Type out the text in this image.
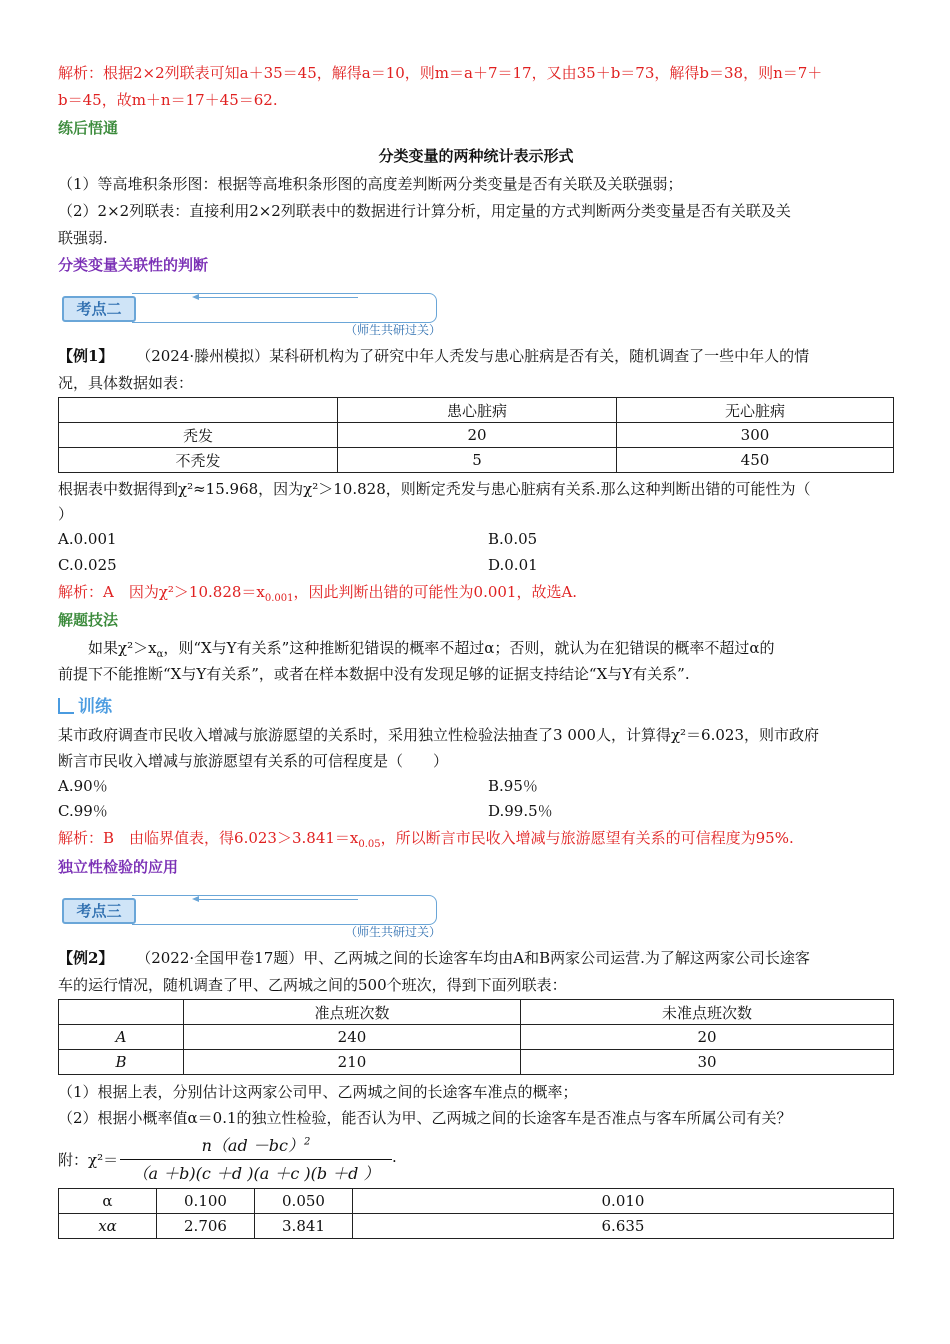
解析：根据2×2列联表可知a＋35＝45，解得a＝10，则m＝a＋7＝17，又由35＋b＝73，解得b＝38，则n＝7＋
b＝45，故m＋n＝17＋45＝62.
练后悟通
分类变量的两种统计表示形式
（1）等高堆积条形图：根据等高堆积条形图的高度差判断两分类变量是否有关联及关联强弱；
（2）2×2列联表：直接利用2×2列联表中的数据进行计算分析，用定量的方式判断两分类变量是否有关联及关
联强弱.
分类变量关联性的判断
考点二
（师生共研过关）
【例1】 （2024·滕州模拟）某科研机构为了研究中年人秃发与患心脏病是否有关，随机调查了一些中年人的情
况，具体数据如表：
	患心脏病	无心脏病
秃发	20	300
不秃发	5	450
根据表中数据得到χ²≈15.968，因为χ²＞10.828，则断定秃发与患心脏病有关系.那么这种判断出错的可能性为（
）
A.0.001	B.0.05
C.0.025	D.0.01
解析：A　因为$\chi^2>10.828=x_{0.001}$，因此判断出错的可能性为0.001，故选A.
解题技法
如果$\chi^2>x_\alpha$，则“X与Y有关系”这种推断犯错误的概率不超过α；否则，就认为在犯错误的概率不超过α的
前提下不能推断“X与Y有关系”，或者在样本数据中没有发现足够的证据支持结论“X与Y有关系”.
训练
某市政府调查市民收入增减与旅游愿望的关系时，采用独立性检验法抽查了3 000人，计算得χ²＝6.023，则市政府
断言市民收入增减与旅游愿望有关系的可信程度是（　　）
A.90％	B.95％
C.99％	D.99.5％
解析：B　由临界值表，得$6.023>3.841=x_{0.05}$，所以断言市民收入增减与旅游愿望有关系的可信程度为95%.
独立性检验的应用
考点三
（师生共研过关）
【例2】 （2022·全国甲卷17题）甲、乙两城之间的长途客车均由A和B两家公司运营.为了解这两家公司长途客
车的运行情况，随机调查了甲、乙两城之间的500个班次，得到下面列联表：
	准点班次数	未准点班次数
A	240	20
B	210	30
（1）根据上表，分别估计这两家公司甲、乙两城之间的长途客车准点的概率；
（2）根据小概率值α＝0.1的独立性检验，能否认为甲、乙两城之间的长途客车是否准点与客车所属公司有关？
附：χ²＝
n（ad －bc）$^2$
（a ＋b)(c ＋d )(a ＋c )(b ＋d ）
.
α	0.100	0.050	0.010
xα	2.706	3.841	6.635
